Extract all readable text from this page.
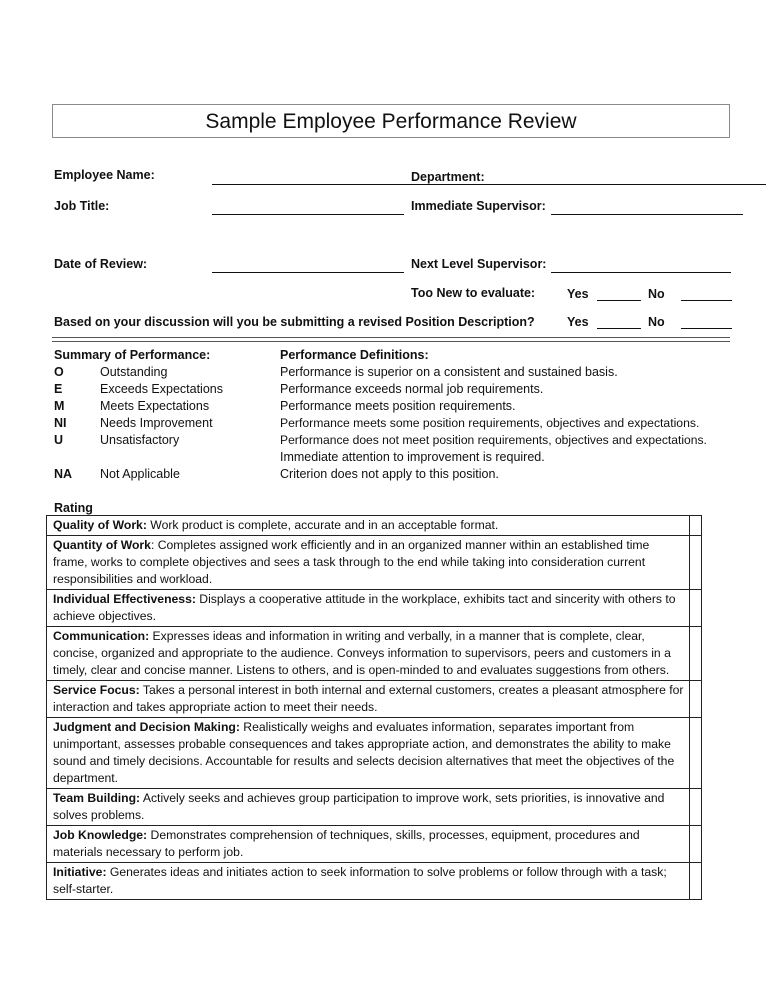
Sample Employee Performance Review
Employee Name:	Department:
Job Title:	Immediate Supervisor:
Date of Review:	Next Level Supervisor:
Too New to evaluate:	Yes	No
Based on your discussion will you be submitting a revised Position Description?	Yes	No
Summary of Performance:	Performance Definitions:
O	Outstanding	Performance is superior on a consistent and sustained basis.
E	Exceeds Expectations	Performance exceeds normal job requirements.
M	Meets Expectations	Performance meets position requirements.
NI	Needs Improvement	Performance meets some position requirements, objectives and expectations.
U	Unsatisfactory	Performance does not meet position requirements, objectives and expectations.
Immediate attention to improvement is required.
NA Not Applicable	Criterion does not apply to this position.
Rating
Quality of Work: Work product is complete, accurate and in an acceptable format.	
Quantity of Work: Completes assigned work efficiently and in an organized manner within an established time frame, works to complete objectives and sees a task through to the end while taking into consideration current responsibilities and workload.	
Individual Effectiveness: Displays a cooperative attitude in the workplace, exhibits tact and sincerity with others to achieve objectives.	
Communication: Expresses ideas and information in writing and verbally, in a manner that is complete, clear, concise, organized and appropriate to the audience. Conveys information to supervisors, peers and customers in a timely, clear and concise manner. Listens to others, and is open-minded to and evaluates suggestions from others.	
Service Focus: Takes a personal interest in both internal and external customers, creates a pleasant atmosphere for interaction and takes appropriate action to meet their needs.	
Judgment and Decision Making: Realistically weighs and evaluates information, separates important from unimportant, assesses probable consequences and takes appropriate action, and demonstrates the ability to make sound and timely decisions. Accountable for results and selects decision alternatives that meet the objectives of the department.	
Team Building: Actively seeks and achieves group participation to improve work, sets priorities, is innovative and solves problems.	
Job Knowledge: Demonstrates comprehension of techniques, skills, processes, equipment, procedures and materials necessary to perform job.	
Initiative: Generates ideas and initiates action to seek information to solve problems or follow through with a task; self-starter.	
